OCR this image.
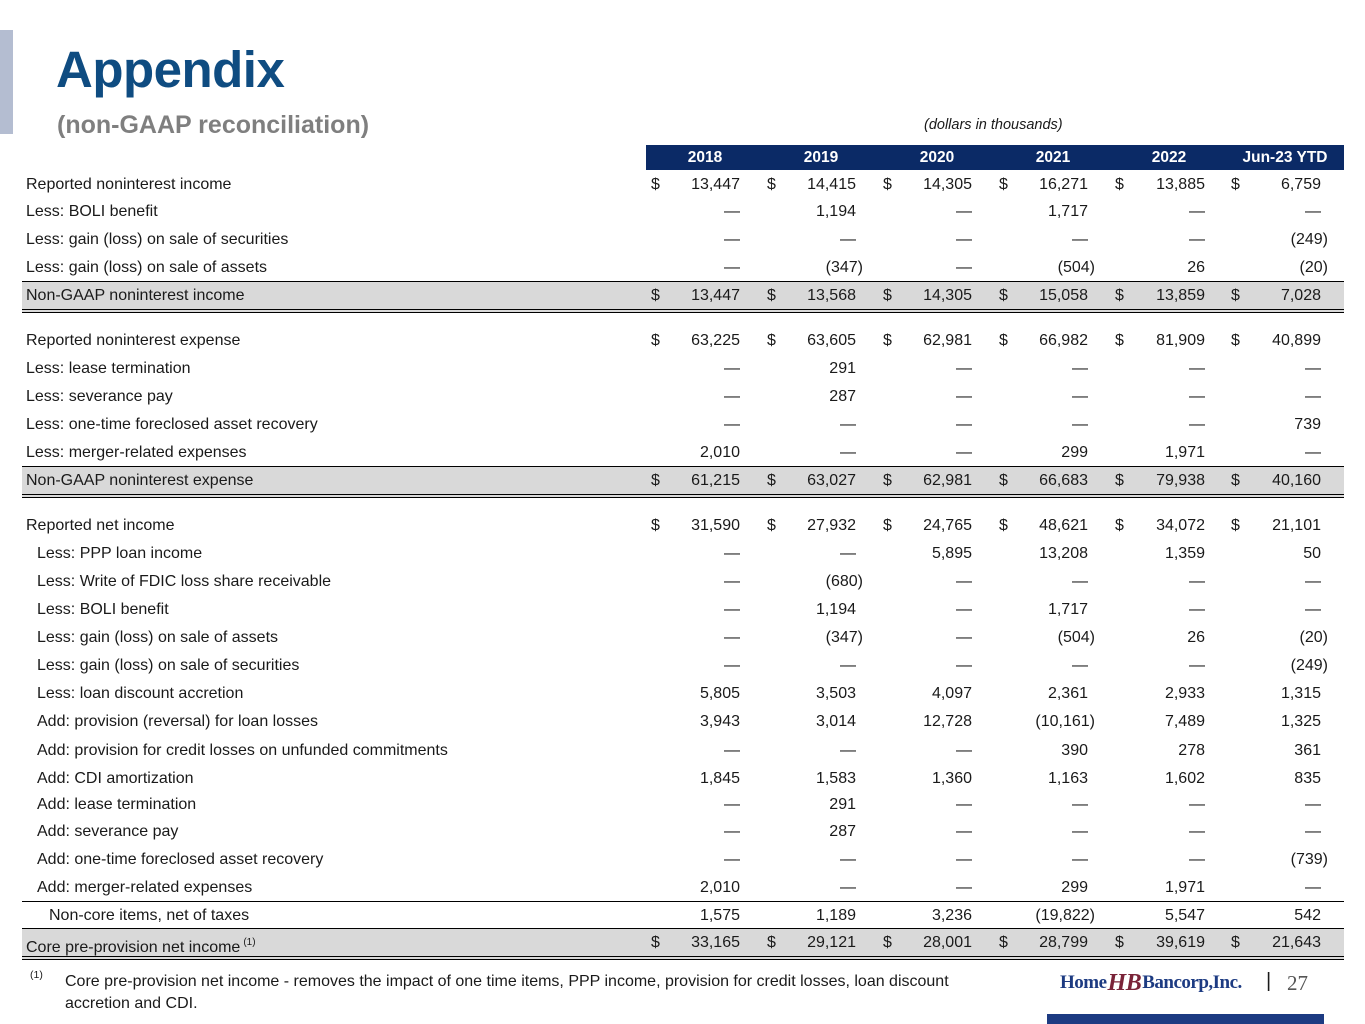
Appendix
(non-GAAP reconciliation)	(dollars in thousands)
2018	2019	2020	2021	2022	Jun-23 YTD
Reported noninterest income	$	13,447 $	14,415 $	14,305 $	16,271 $	13,885 $	6,759
Less: BOLI benefit	—	1,194	—	1,717	—	—
Less: gain (loss) on sale of securities	—	—	—	—	—	(249)
Less: gain (loss) on sale of assets	—	(347)	—	(504)	26	(20)
Non-GAAP noninterest income	$	13,447 $	13,568 $	14,305 $	15,058 $	13,859 $	7,028
Reported noninterest expense	$	63,225 $	63,605 $	62,981 $	66,982 $	81,909 $	40,899
Less: lease termination	—	291	—	—	—	—
Less: severance pay	—	287	—	—	—	—
Less: one-time foreclosed asset recovery	—	—	—	—	—	739
Less: merger-related expenses	2,010	—	—	299	1,971	—
Non-GAAP noninterest expense	$	61,215 $	63,027 $	62,981 $	66,683 $	79,938 $	40,160
Reported net income	$	31,590 $	27,932 $	24,765 $	48,621 $	34,072 $	21,101
Less: PPP loan income	—	—	5,895	13,208	1,359	50
Less: Write of FDIC loss share receivable	—	(680)	—	—	—	—
Less: BOLI benefit	—	1,194	—	1,717	—	—
Less: gain (loss) on sale of assets	—	(347)	—	(504)	26	(20)
Less: gain (loss) on sale of securities	—	—	—	—	—	(249)
Less: loan discount accretion	5,805	3,503	4,097	2,361	2,933	1,315
Add: provision (reversal) for loan losses	3,943	3,014	12,728	(10,161)	7,489	1,325
Add: provision for credit losses on unfunded commitments	—	—	—	390	278	361
Add: CDI amortization	1,845	1,583	1,360	1,163	1,602	835
Add: lease termination	—	291	—	—	—	—
Add: severance pay	—	287	—	—	—	—
Add: one-time foreclosed asset recovery	—	—	—	—	—	(739)
Add: merger-related expenses	2,010	—	—	299	1,971	—
Non-core items, net of taxes	1,575	1,189	3,236	(19,822)	5,547	542
Core pre-provision net income $^{(1)}$	$	33,165 $	29,121 $	28,001 $	28,799 $	39,619 $	21,643
(1) Core pre-provision net income - removes the impact of one time items, PPP income, provision for credit losses, loan discount accretion and CDI.
HomeHBBancorp,Inc. | 27
